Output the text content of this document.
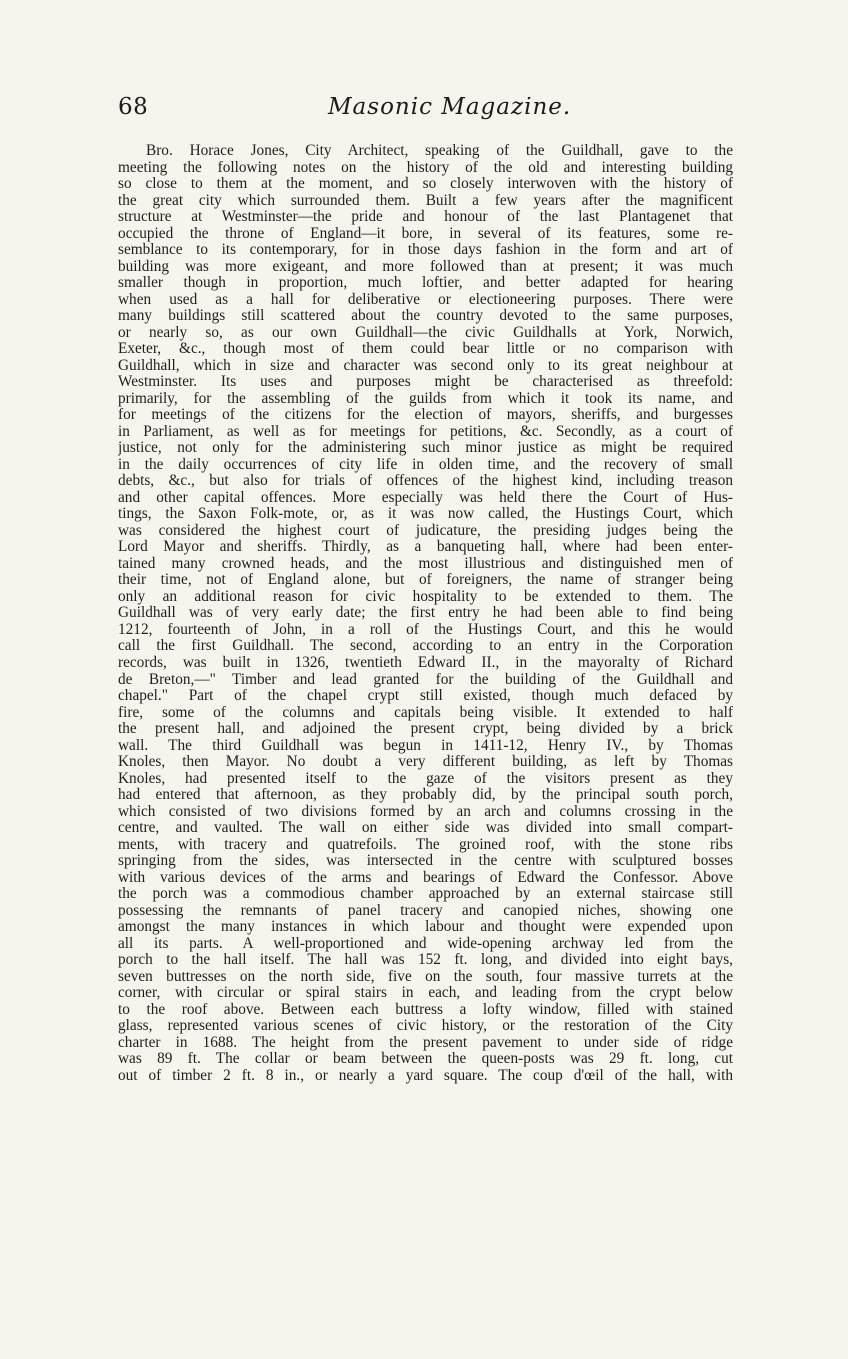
68	Masonic Magazine.
Bro. Horace Jones, City Architect, speaking of the Guildhall, gave to the
meeting the following notes on the history of the old and interesting building
so close to them at the moment, and so closely interwoven with the history of
the great city which surrounded them. Built a few years after the magnificent
structure at Westminster—the pride and honour of the last Plantagenet that
occupied the throne of England—it bore, in several of its features, some re-
semblance to its contemporary, for in those days fashion in the form and art of
building was more exigeant, and more followed than at present; it was much
smaller though in proportion, much loftier, and better adapted for hearing
when used as a hall for deliberative or electioneering purposes. There were
many buildings still scattered about the country devoted to the same purposes,
or nearly so, as our own Guildhall—the civic Guildhalls at York, Norwich,
Exeter, &c., though most of them could bear little or no comparison with
Guildhall, which in size and character was second only to its great neighbour at
Westminster. Its uses and purposes might be characterised as threefold:
primarily, for the assembling of the guilds from which it took its name, and
for meetings of the citizens for the election of mayors, sheriffs, and burgesses
in Parliament, as well as for meetings for petitions, &c. Secondly, as a court of
justice, not only for the administering such minor justice as might be required
in the daily occurrences of city life in olden time, and the recovery of small
debts, &c., but also for trials of offences of the highest kind, including treason
and other capital offences. More especially was held there the Court of Hus-
tings, the Saxon Folk-mote, or, as it was now called, the Hustings Court, which
was considered the highest court of judicature, the presiding judges being the
Lord Mayor and sheriffs. Thirdly, as a banqueting hall, where had been enter-
tained many crowned heads, and the most illustrious and distinguished men of
their time, not of England alone, but of foreigners, the name of stranger being
only an additional reason for civic hospitality to be extended to them. The
Guildhall was of very early date; the first entry he had been able to find being
1212, fourteenth of John, in a roll of the Hustings Court, and this he would
call the first Guildhall. The second, according to an entry in the Corporation
records, was built in 1326, twentieth Edward II., in the mayoralty of Richard
de Breton,—" Timber and lead granted for the building of the Guildhall and
chapel." Part of the chapel crypt still existed, though much defaced by
fire, some of the columns and capitals being visible. It extended to half
the present hall, and adjoined the present crypt, being divided by a brick
wall. The third Guildhall was begun in 1411-12, Henry IV., by Thomas
Knoles, then Mayor. No doubt a very different building, as left by Thomas
Knoles, had presented itself to the gaze of the visitors present as they
had entered that afternoon, as they probably did, by the principal south porch,
which consisted of two divisions formed by an arch and columns crossing in the
centre, and vaulted. The wall on either side was divided into small compart-
ments, with tracery and quatrefoils. The groined roof, with the stone ribs
springing from the sides, was intersected in the centre with sculptured bosses
with various devices of the arms and bearings of Edward the Confessor. Above
the porch was a commodious chamber approached by an external staircase still
possessing the remnants of panel tracery and canopied niches, showing one
amongst the many instances in which labour and thought were expended upon
all its parts. A well-proportioned and wide-opening archway led from the
porch to the hall itself. The hall was 152 ft. long, and divided into eight bays,
seven buttresses on the north side, five on the south, four massive turrets at the
corner, with circular or spiral stairs in each, and leading from the crypt below
to the roof above. Between each buttress a lofty window, filled with stained
glass, represented various scenes of civic history, or the restoration of the City
charter in 1688. The height from the present pavement to under side of ridge
was 89 ft. The collar or beam between the queen-posts was 29 ft. long, cut
out of timber 2 ft. 8 in., or nearly a yard square. The coup d'œil of the hall, with
